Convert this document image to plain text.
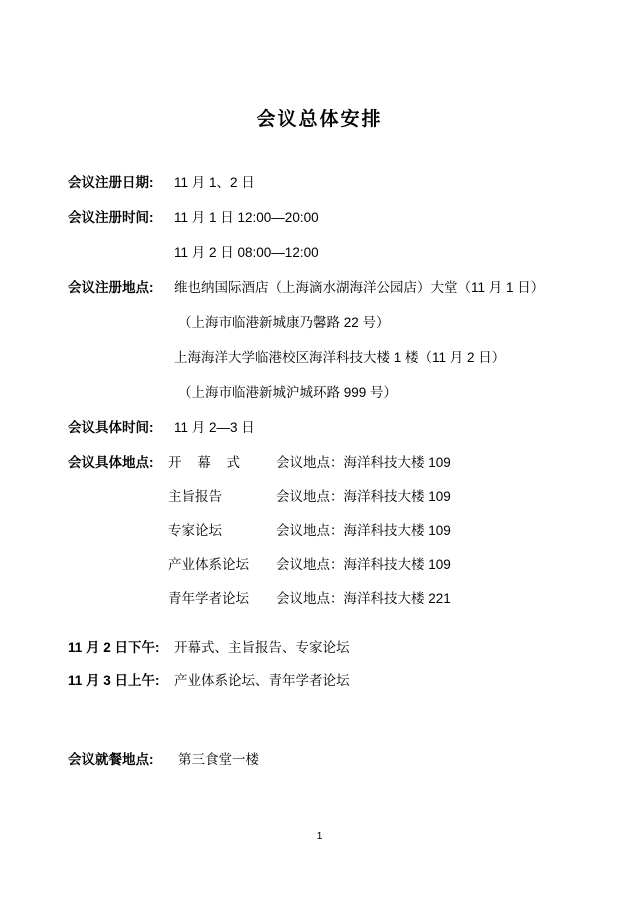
会议总体安排
会议注册日期:	11 月 1、2 日
会议注册时间:	11 月 1 日 12:00—20:00
11 月 2 日 08:00—12:00
会议注册地点:	维也纳国际酒店（上海滴水湖海洋公园店）大堂（11 月 1 日）
（上海市临港新城康乃馨路 22 号）
上海海洋大学临港校区海洋科技大楼 1 楼（11 月 2 日）
（上海市临港新城沪城环路 999 号）
会议具体时间:	11 月 2—3 日
会议具体地点:	开 幕 式	会议地点：海洋科技大楼 109
主旨报告	会议地点：海洋科技大楼 109
专家论坛	会议地点：海洋科技大楼 109
产业体系论坛	会议地点：海洋科技大楼 109
青年学者论坛	会议地点：海洋科技大楼 221
11 月 2 日下午:	开幕式、主旨报告、专家论坛
11 月 3 日上午:	产业体系论坛、青年学者论坛
会议就餐地点:	第三食堂一楼
1
